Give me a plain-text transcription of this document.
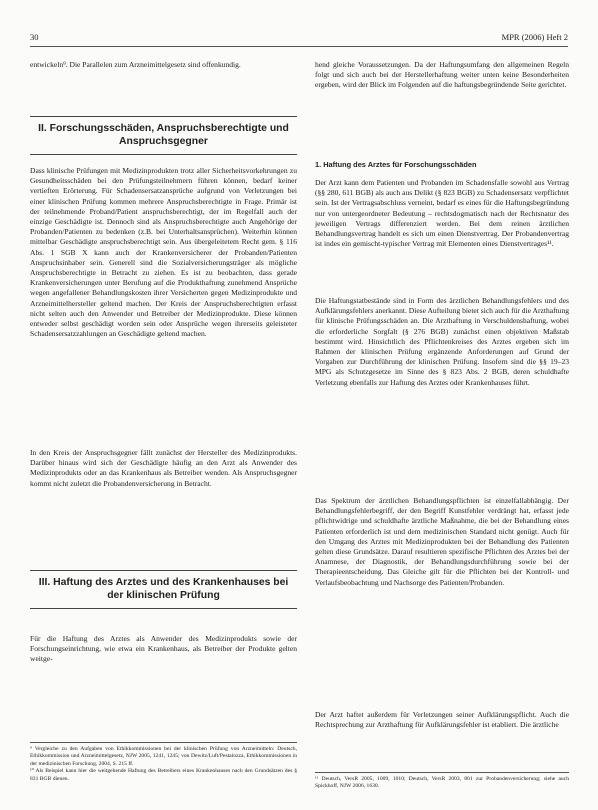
30	MPR (2006) Heft 2

entwickeln⁹. Die Parallelen zum Arzneimittelgesetz sind offenkundig.

II. Forschungsschäden, Anspruchsberechtigte und Anspruchsgegner

Dass klinische Prüfungen mit Medizinprodukten trotz aller Sicherheitsvorkehrungen zu Gesundheitsschäden bei den Prüfungsteilnehmern führen können, bedarf keiner vertieften Erörterung. Für Schadensersatzansprüche aufgrund von Verletzungen bei einer klinischen Prüfung kommen mehrere Anspruchsberechtigte in Frage. Primär ist der teilnehmende Proband/Patient anspruchsberechtigt, der im Regelfall auch der einzige Geschädigte ist. Dennoch sind als Anspruchsberechtigte auch Angehörige der Probanden/Patienten zu bedenken (z.B. bei Unterhaltsansprüchen). Weiterhin können mittelbar Geschädigte anspruchsberechtigt sein. Aus übergeleitetem Recht gem. § 116 Abs. 1 SGB X kann auch der Krankenversicherer der Probanden/Patienten Anspruchsinhaber sein. Generell sind die Sozialversicherungsträger als mögliche Anspruchsberechtigte in Betracht zu ziehen. Es ist zu beobachten, dass gerade Krankenversicherungen unter Berufung auf die Produkthaftung zunehmend Ansprüche wegen angefallener Behandlungskosten ihrer Versicherten gegen Medizinprodukte und Arzneimittelhersteller geltend machen. Der Kreis der Anspruchsberechtigten erfasst nicht selten auch den Anwender und Betreiber der Medizinprodukte. Diese können entweder selbst geschädigt worden sein oder Ansprüche wegen ihrerseits geleisteter Schadensersatzzahlungen an Geschädigte geltend machen.

In den Kreis der Anspruchsgegner fällt zunächst der Hersteller des Medizinprodukts. Darüber hinaus wird sich der Geschädigte häufig an den Arzt als Anwender des Medizinprodukts oder an das Krankenhaus als Betreiber wenden. Als Anspruchsgegner kommt nicht zuletzt die Probandenversicherung in Betracht.

III. Haftung des Arztes und des Krankenhauses bei der klinischen Prüfung

Für die Haftung des Arztes als Anwender des Medizinprodukts sowie der Forschungseinrichtung, wie etwa ein Krankenhaus, als Betreiber der Produkte gelten weitge-

⁹ Vergleiche zu den Aufgaben von Ethikkommissionen bei der klinischen Prüfung von Arzneimitteln: Deutsch, Ethikkommission und Arzneimittelgesetz, NJW 2005, 1241, 1245; von Dewitz/Luft/Pestalozza, Ethikkommissionen in der medizinischen Forschung, 2004, S. 215 ff.

¹⁰ Als Beispiel kann hier die weitgehende Haftung des Betreibers eines Krankenhauses nach den Grundsätzen des § 831 BGB dienen.

hend gleiche Voraussetzungen. Da der Haftungsumfang den allgemeinen Regeln folgt und sich auch bei der Herstellerhaftung weiter unten keine Besonderheiten ergeben, wird der Blick im Folgenden auf die haftungsbegründende Seite gerichtet.

1. Haftung des Arztes für Forschungsschäden

Der Arzt kann dem Patienten und Probanden im Schadensfalle sowohl aus Vertrag (§§ 280, 611 BGB) als auch aus Delikt (§ 823 BGB) zu Schadensersatz verpflichtet sein. Ist der Vertragsabschluss verneint, bedarf es eines für die Haftungsbegründung nur von untergeordneter Bedeutung – rechtsdogmatisch nach der Rechtsnatur des jeweiligen Vertrags differenziert werden. Bei dem reinen ärztlichen Behandlungsvertrag handelt es sich um einen Dienstvertrag. Der Probandenvertrag ist indes ein gemischt-typischer Vertrag mit Elementen eines Dienstvertrages¹¹.

Die Haftungstatbestände sind in Form des ärztlichen Behandlungsfehlers und des Aufklärungsfehlers anerkannt. Diese Aufteilung bietet sich auch für die Arzthaftung für klinische Prüfungsschäden an. Die Arzthaftung in Verschuldenshaftung, wobei die erforderliche Sorgfalt (§ 276 BGB) zunächst einen objektiven Maßstab bestimmt wird. Hinsichtlich des Pflichtenkreises des Arztes ergeben sich im Rahmen der klinischen Prüfung ergänzende Anforderungen auf Grund der Vorgaben zur Durchführung der klinischen Prüfung. Insofern sind die §§ 19–23 MPG als Schutzgesetze im Sinne des § 823 Abs. 2 BGB, deren schuldhafte Verletzung ebenfalls zur Haftung des Arztes oder Krankenhauses führt.

Das Spektrum der ärztlichen Behandlungspflichten ist einzelfallabhängig. Der Behandlungsfehlerbegriff, der den Begriff Kunstfehler verdrängt hat, erfasst jede pflichtwidrige und schuldhafte ärztliche Maßnahme, die bei der Behandlung eines Patienten erforderlich ist und dem medizinischen Standard nicht genügt. Auch für den Umgang des Arztes mit Medizinprodukten bei der Behandlung des Patienten gelten diese Grundsätze. Darauf resultieren spezifische Pflichten des Arztes bei der Anamnese, der Diagnostik, der Behandlungsdurchführung sowie bei der Therapieentscheidung. Das Gleiche gilt für die Pflichten bei der Kontroll- und Verlaufsbeobachtung und Nachsorge des Patienten/Probanden.

Der Arzt haftet außerdem für Verletzungen seiner Aufklärungspflicht. Auch die Rechtsprechung zur Arzthaftung für Aufklärungsfehler ist etabliert. Die ärztliche

¹¹ Deutsch, VersR 2005, 1009, 1010; Deutsch, VersR 2003, 801 zur Probandenversicherung; siehe auch Spickhoff, NJW 2006, 1630.
